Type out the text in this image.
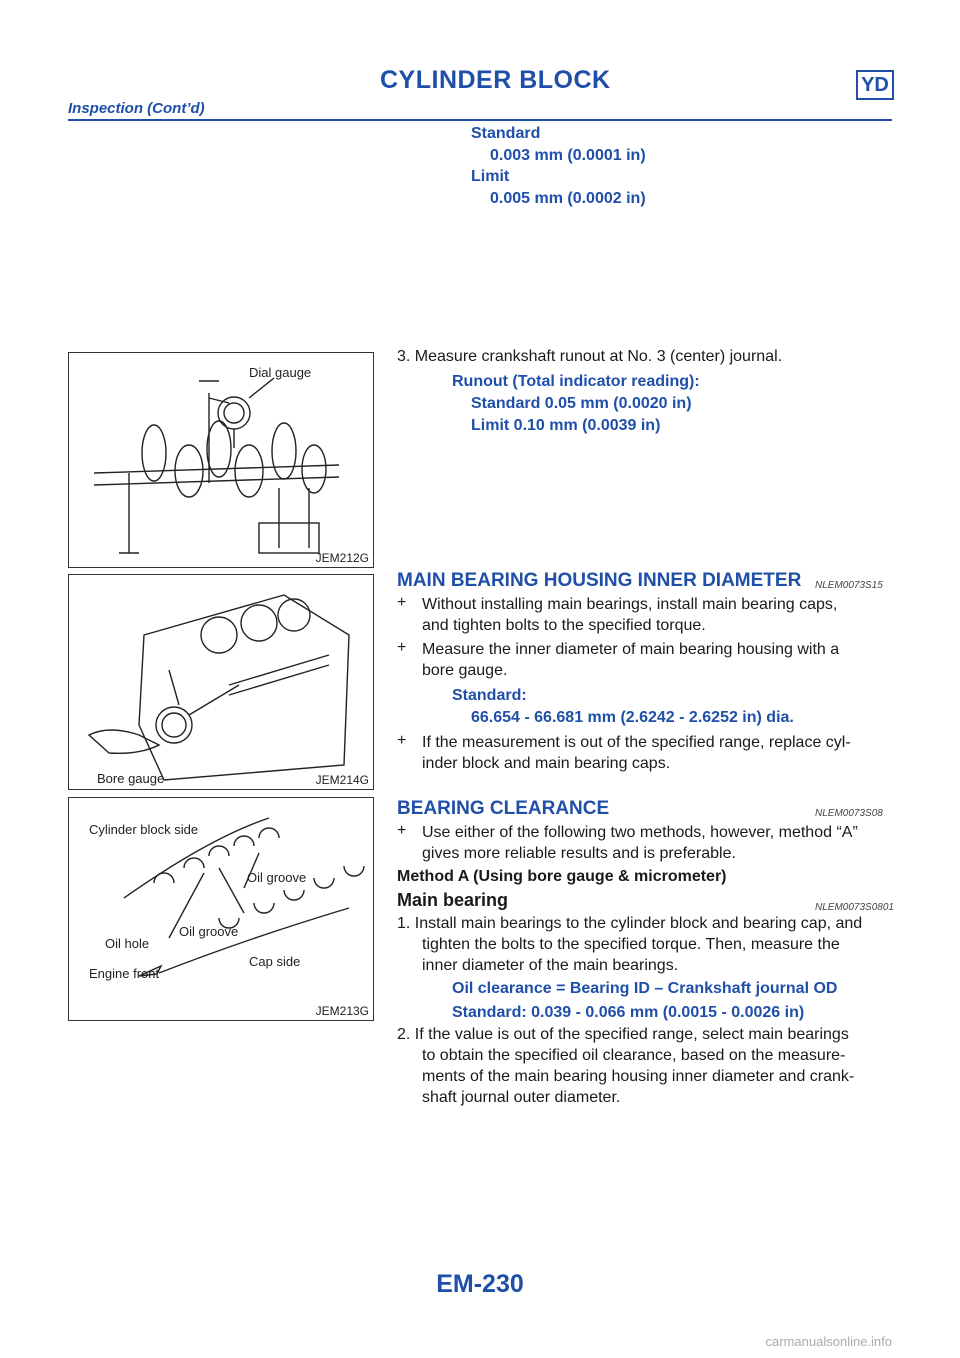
CYLINDER BLOCK	YD
Inspection (Cont’d)
Standard
0.003 mm (0.0001 in)
Limit
0.005 mm (0.0002 in)
Dial gauge
JEM212G
3. Measure crankshaft runout at No. 3 (center) journal.
Runout (Total indicator reading):
Standard 0.05 mm (0.0020 in)
Limit 0.10 mm (0.0039 in)
Bore gauge	JEM214G
MAIN BEARING HOUSING INNER DIAMETER NLEM0073S15
+ Without installing main bearings, install main bearing caps,
and tighten bolts to the specified torque.
+ Measure the inner diameter of main bearing housing with a
bore gauge.
Standard:
66.654 - 66.681 mm (2.6242 - 2.6252 in) dia.
+ If the measurement is out of the specified range, replace cyl-
inder block and main bearing caps.
Cylinder block side
Oil groove
Oil groove
Oil hole
Engine front
Cap side
JEM213G
BEARING CLEARANCE	NLEM0073S08
+ Use either of the following two methods, however, method “A”
gives more reliable results and is preferable.
Method A (Using bore gauge & micrometer)
Main bearing	NLEM0073S0801
1. Install main bearings to the cylinder block and bearing cap, and
tighten the bolts to the specified torque. Then, measure the
inner diameter of the main bearings.
Oil clearance = Bearing ID – Crankshaft journal OD
Standard: 0.039 - 0.066 mm (0.0015 - 0.0026 in)
2. If the value is out of the specified range, select main bearings
to obtain the specified oil clearance, based on the measure-
ments of the main bearing housing inner diameter and crank-
shaft journal outer diameter.
EM-230
carmanualsonline.info
